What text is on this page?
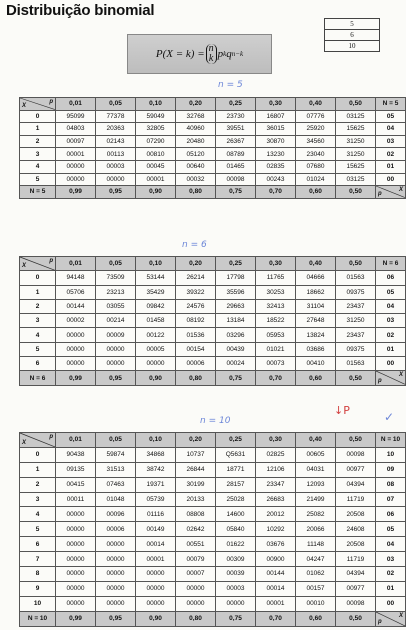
Distribuição binomial
P(X = k) = n
k p k q n−k
5
6
10
n = 5
n = 6
n = 10
↓P	✓
p
X	0,01	0,05	0,10	0,20	0,25	0,30	0,40	0,50	N = 5
0	95099	77378	59049	32768	23730	16807	07776	03125	05
1	04803	20363	32805	40960	39551	36015	25920	15625	04
2	00097	02143	07290	20480	26367	30870	34560	31250	03
3	00001	00113	00810	05120	08789	13230	23040	31250	02
4	00000	00003	00045	00640	01465	02835	07680	15625	01
5	00000	00000	00001	00032	00098	00243	01024	03125	00
N = 5	0,99	0,95	0,90	0,80	0,75	0,70	0,60	0,50	X
p
p
X	0,01	0,05	0,10	0,20	0,25	0,30	0,40	0,50	N = 6
0	94148	73509	53144	26214	17798	11765	04666	01563	06
1	05706	23213	35429	39322	35596	30253	18662	09375	05
2	00144	03055	09842	24576	29663	32413	31104	23437	04
3	00002	00214	01458	08192	13184	18522	27648	31250	03
4	00000	00009	00122	01536	03296	05953	13824	23437	02
5	00000	00000	00005	00154	00439	01021	03686	09375	01
6	00000	00000	00000	00006	00024	00073	00410	01563	00
N = 6	0,99	0,95	0,90	0,80	0,75	0,70	0,60	0,50	X
p
p
X	0,01	0,05	0,10	0,20	0,25	0,30	0,40	0,50	N = 10
0	90438	59874	34868	10737	Q5631	02825	00605	00098	10
1	09135	31513	38742	26844	18771	12106	04031	00977	09
2	00415	07463	19371	30199	28157	23347	12093	04394	08
3	00011	01048	05739	20133	25028	26683	21499	11719	07
4	00000	00096	01116	08808	14600	20012	25082	20508	06
5	00000	00006	00149	02642	05840	10292	20066	24608	05
6	00000	00000	00014	00551	01622	03676	11148	20508	04
7	00000	00000	00001	00079	00309	00900	04247	11719	03
8	00000	00000	00000	00007	00039	00144	01062	04394	02
9	00000	00000	00000	00000	00003	00014	00157	00977	01
10	00000	00000	00000	00000	00000	00001	00010	00098	00
N = 10	0,99	0,95	0,90	0,80	0,75	0,70	0,60	0,50	X
p
